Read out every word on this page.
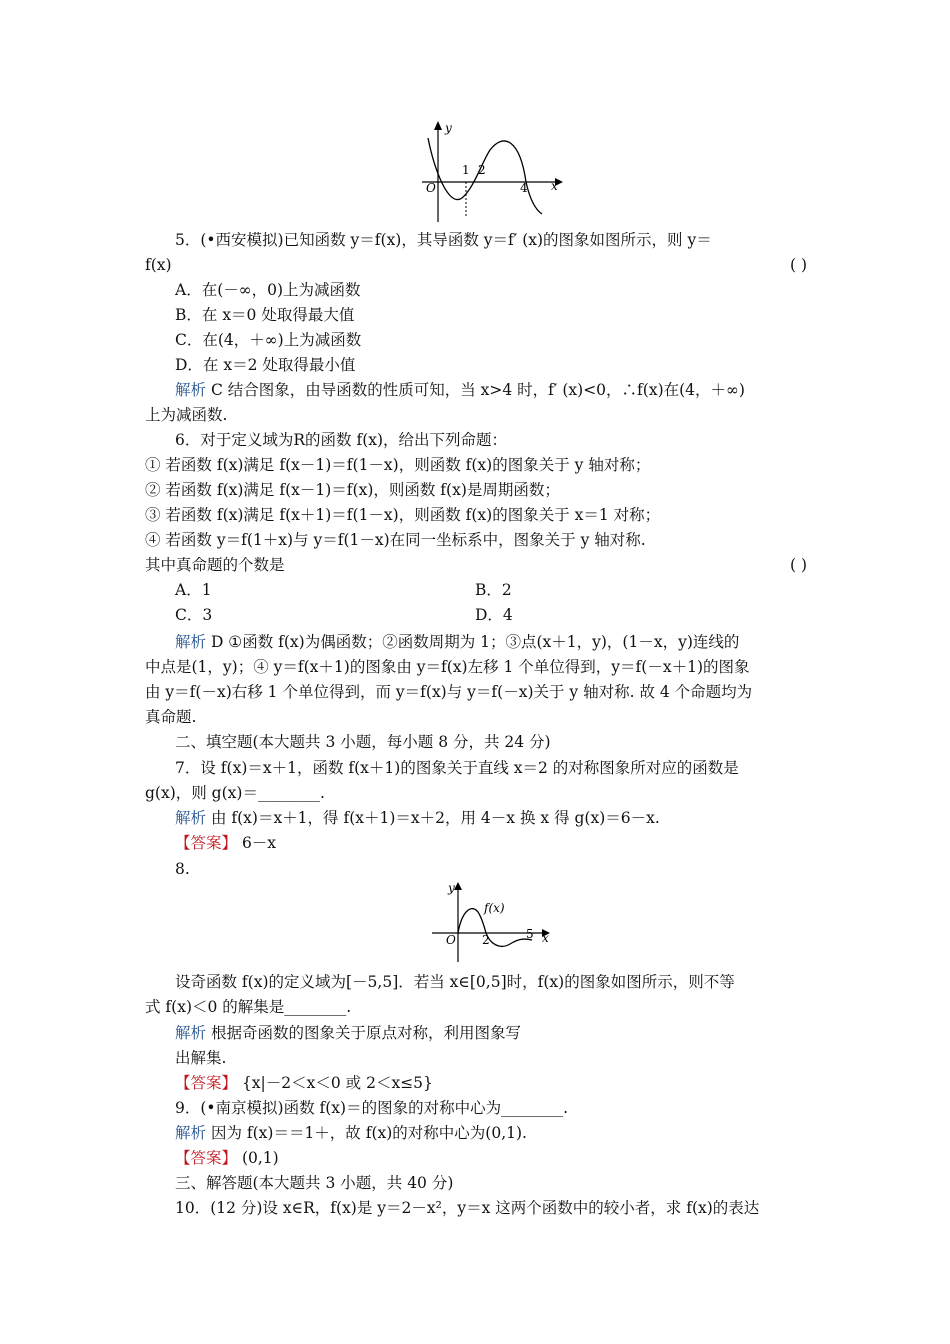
y
x
O
1 2
4
5．(•西安模拟)已知函数 y＝f(x)，其导函数 y＝f′ (x)的图象如图所示，则 y＝
f(x)	( )
A．在(－∞，0)上为减函数
B．在 x＝0 处取得最大值
C．在(4，＋∞)上为减函数
D．在 x＝2 处取得最小值
解析 C 结合图象，由导函数的性质可知，当 x>4 时，f′ (x)<0，∴f(x)在(4，＋∞)
上为减函数.
6．对于定义域为R的函数 f(x)，给出下列命题：
① 若函数 f(x)满足 f(x－1)＝f(1－x)，则函数 f(x)的图象关于 y 轴对称；
② 若函数 f(x)满足 f(x－1)＝f(x)，则函数 f(x)是周期函数；
③ 若函数 f(x)满足 f(x＋1)＝f(1－x)，则函数 f(x)的图象关于 x＝1 对称；
④ 若函数 y＝f(1＋x)与 y＝f(1－x)在同一坐标系中，图象关于 y 轴对称.
其中真命题的个数是	( )
A．1	B．2
C．3	D．4
解析 D ①函数 f(x)为偶函数；②函数周期为 1；③点(x＋1，y)，(1－x，y)连线的
中点是(1，y)；④ y＝f(x＋1)的图象由 y＝f(x)左移 1 个单位得到，y＝f(－x＋1)的图象
由 y＝f(－x)右移 1 个单位得到，而 y＝f(x)与 y＝f(－x)关于 y 轴对称. 故 4 个命题均为
真命题.
二、填空题(本大题共 3 小题，每小题 8 分，共 24 分)
7．设 f(x)＝x＋1，函数 f(x＋1)的图象关于直线 x＝2 的对称图象所对应的函数是
g(x)，则 g(x)＝________.
解析 由 f(x)＝x＋1，得 f(x＋1)＝x＋2，用 4－x 换 x 得 g(x)＝6－x.
【答案】 6－x
8.
y
x
O
f(x)
2	5
设奇函数 f(x)的定义域为[－5,5]．若当 x∈[0,5]时，f(x)的图象如图所示，则不等
式 f(x)＜0 的解集是________.
解析 根据奇函数的图象关于原点对称，利用图象写
出解集.
【答案】 {x|－2＜x＜0 或 2＜x≤5}
9．(•南京模拟)函数 f(x)＝的图象的对称中心为________.
解析 因为 f(x)＝＝1＋，故 f(x)的对称中心为(0,1).
【答案】 (0,1)
三、解答题(本大题共 3 小题，共 40 分)
10．(12 分)设 x∈R，f(x)是 y＝2－x²，y＝x 这两个函数中的较小者，求 f(x)的表达
